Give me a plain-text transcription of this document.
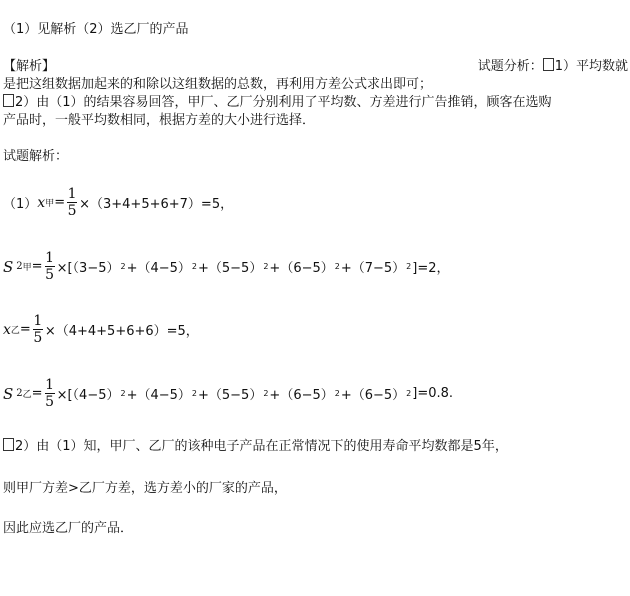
（1）见解析（2）选乙厂的产品
【解析】	试题分析： 1）平均数就
是把这组数据加起来的和除以这组数据的总数，再利用方差公式求出即可；
2）由（1）的结果容易回答，甲厂、乙厂分别利用了平均数、方差进行广告推销，顾客在选购
产品时，一般平均数相同，根据方差的大小进行选择．
试题解析：
（1） x 甲 = $\frac{1}{5} \times(3+4+5+6+7)=5$，
S 2 甲 = $\frac{1}{5} \times[(3-5)$ 2 +（4−5） 2 +（5−5） 2 +（6−5） 2 +（7−5） 2 ]=2，
x 乙 = $\frac{1}{5} \times(4+4+5+6+6)=5$，
S 2 乙 = $\frac{1}{5} \times[(4-5)$ 2 +（4−5） 2 +（5−5） 2 +（6−5） 2 +（6−5） 2 ]=0.8.
2）由（1）知，甲厂、乙厂的该种电子产品在正常情况下的使用寿命平均数都是5年，
则甲厂方差>乙厂方差，选方差小的厂家的产品，
因此应选乙厂的产品．
